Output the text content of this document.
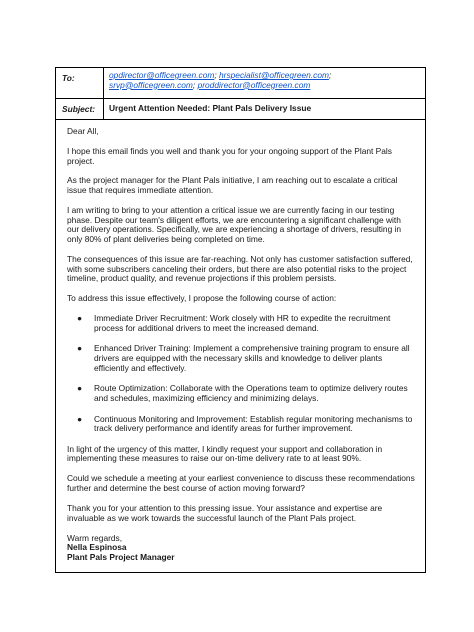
To:	opdirector@officegreen.com; hrspecialist@officegreen.com;
srvp@officegreen.com; proddirector@officegreen.com
Subject:	Urgent Attention Needed: Plant Pals Delivery Issue

Dear All,

I hope this email finds you well and thank you for your ongoing support of the Plant Pals project.

As the project manager for the Plant Pals initiative, I am reaching out to escalate a critical issue that requires immediate attention.

I am writing to bring to your attention a critical issue we are currently facing in our testing phase. Despite our team's diligent efforts, we are encountering a significant challenge with our delivery operations. Specifically, we are experiencing a shortage of drivers, resulting in only 80% of plant deliveries being completed on time.

The consequences of this issue are far-reaching. Not only has customer satisfaction suffered, with some subscribers canceling their orders, but there are also potential risks to the project timeline, product quality, and revenue projections if this problem persists.

To address this issue effectively, I propose the following course of action:

● Immediate Driver Recruitment: Work closely with HR to expedite the recruitment process for additional drivers to meet the increased demand.
● Enhanced Driver Training: Implement a comprehensive training program to ensure all drivers are equipped with the necessary skills and knowledge to deliver plants efficiently and effectively.
● Route Optimization: Collaborate with the Operations team to optimize delivery routes and schedules, maximizing efficiency and minimizing delays.
● Continuous Monitoring and Improvement: Establish regular monitoring mechanisms to track delivery performance and identify areas for further improvement.

In light of the urgency of this matter, I kindly request your support and collaboration in implementing these measures to raise our on-time delivery rate to at least 90%.

Could we schedule a meeting at your earliest convenience to discuss these recommendations further and determine the best course of action moving forward?

Thank you for your attention to this pressing issue. Your assistance and expertise are invaluable as we work towards the successful launch of the Plant Pals project.

Warm regards,
Nella Espinosa
Plant Pals Project Manager
